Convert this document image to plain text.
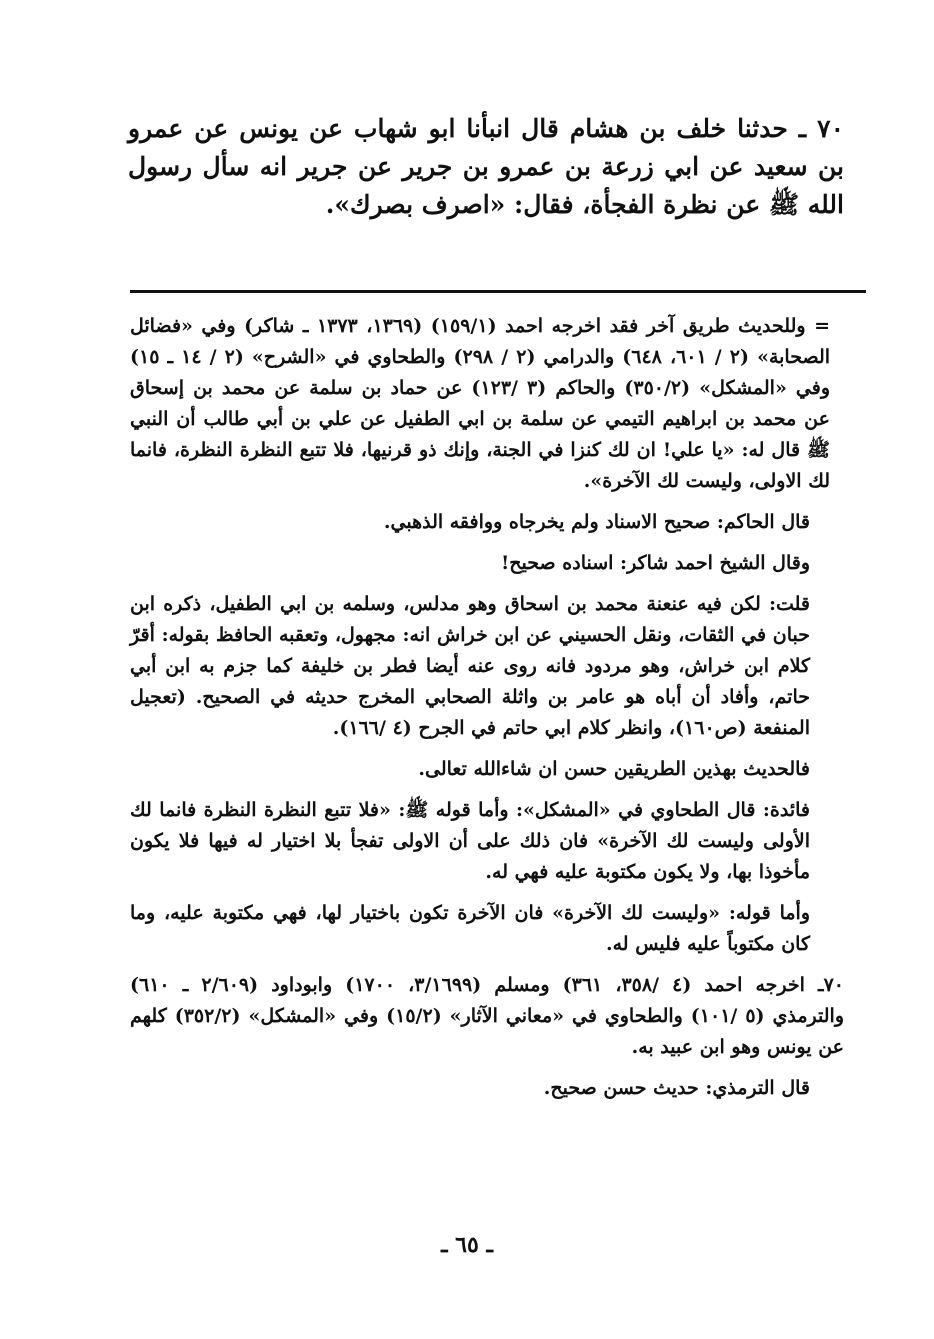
٧٠ ـ حدثنا خلف بن هشام قال انبأنا ابو شهاب عن يونس عن عمرو بن سعيد عن ابي زرعة بن عمرو بن جرير عن جرير انه سأل رسول الله ﷺ عن نظرة الفجأة، فقال: «اصرف بصرك».

= وللحديث طريق آخر فقد اخرجه احمد (١٥٩/١) (١٣٦٩، ١٣٧٣ ـ شاكر) وفي «فضائل الصحابة» (٢ / ٦٠١، ٦٤٨) والدرامي (٢ / ٢٩٨) والطحاوي في «الشرح» (٢ / ١٤ ـ ١٥) وفي «المشكل» (٣٥٠/٢) والحاكم (٣ /١٢٣) عن حماد بن سلمة عن محمد بن إسحاق عن محمد بن ابراهيم التيمي عن سلمة بن ابي الطفيل عن علي بن أبي طالب أن النبي ﷺ قال له: «يا علي! ان لك كنزا في الجنة، وإنك ذو قرنيها، فلا تتبع النظرة النظرة، فانما لك الاولى، وليست لك الآخرة».

قال الحاكم: صحيح الاسناد ولم يخرجاه ووافقه الذهبي.

وقال الشيخ احمد شاكر: اسناده صحيح!

قلت: لكن فيه عنعنة محمد بن اسحاق وهو مدلس، وسلمه بن ابي الطفيل، ذكره ابن حبان في الثقات، ونقل الحسيني عن ابن خراش انه: مجهول، وتعقبه الحافظ بقوله: أقرّ كلام ابن خراش، وهو مردود فانه روى عنه أيضا فطر بن خليفة كما جزم به ابن أبي حاتم، وأفاد أن أباه هو عامر بن واثلة الصحابي المخرج حديثه في الصحيح. (تعجيل المنفعة (ص١٦٠)، وانظر كلام ابي حاتم في الجرح (٤ /١٦٦).

فالحديث بهذين الطريقين حسن ان شاءالله تعالى.

فائدة: قال الطحاوي في «المشكل»: وأما قوله ﷺ: «فلا تتبع النظرة النظرة فانما لك الأولى وليست لك الآخرة» فان ذلك على أن الاولى تفجأ بلا اختيار له فيها فلا يكون مأخوذا بها، ولا يكون مكتوبة عليه فهي له.

وأما قوله: «وليست لك الآخرة» فان الآخرة تكون باختيار لها، فهي مكتوبة عليه، وما كان مكتوباً عليه فليس له.

٧٠ـ اخرجه احمد (٤ /٣٥٨، ٣٦١) ومسلم (٣/١٦٩٩، ١٧٠٠) وابوداود (٢/٦٠٩ ـ ٦١٠) والترمذي (٥ /١٠١) والطحاوي في «معاني الآثار» (١٥/٢) وفي «المشكل» (٣٥٢/٢) كلهم عن يونس وهو ابن عبيد به.

قال الترمذي: حديث حسن صحيح.

ـ ٦٥ ـ
